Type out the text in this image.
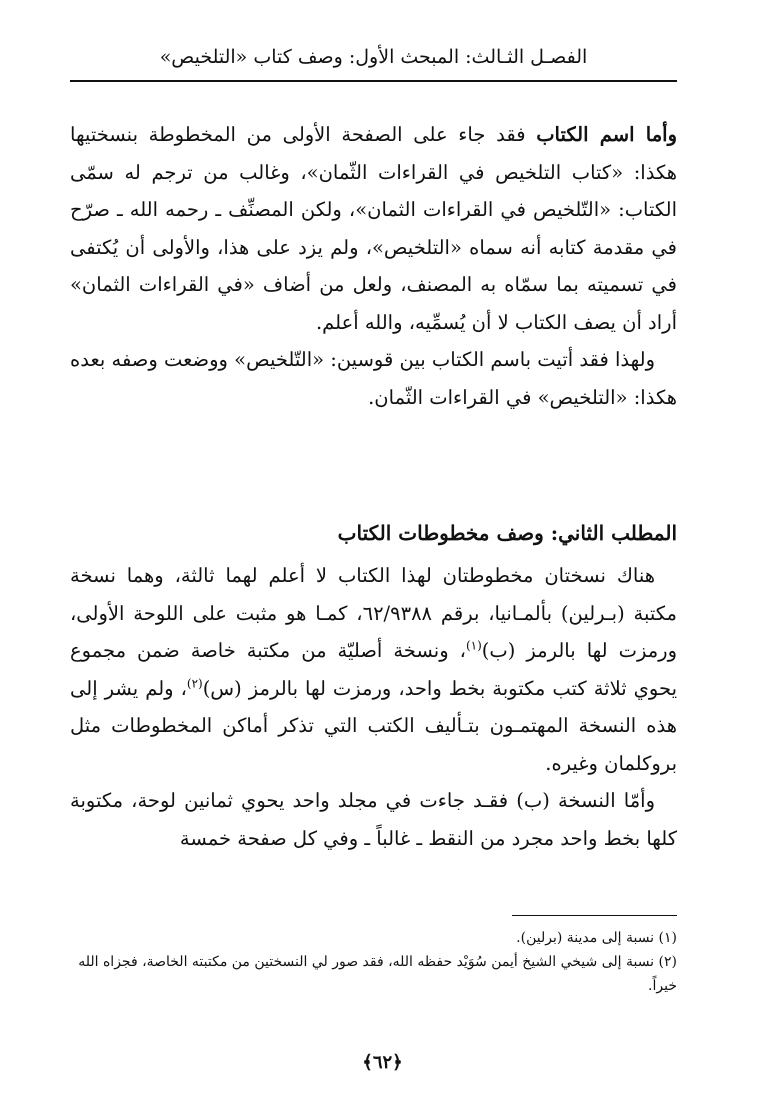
الفصـل الثـالث: المبحث الأول: وصف كتاب «التلخيص»

وأما اسم الكتاب فقد جاء على الصفحة الأولى من المخطوطة بنسختيها هكذا: «كتاب التلخيص في القراءات الثّمان»، وغالب من ترجم له سمّى الكتاب: «التّلخيص في القراءات الثمان»، ولكن المصنِّف ـ رحمه الله ـ صرّح في مقدمة كتابه أنه سماه «التلخيص»، ولم يزد على هذا، والأولى أن يُكتفى في تسميته بما سمّاه به المصنف، ولعل من أضاف «في القراءات الثمان» أراد أن يصف الكتاب لا أن يُسمِّيه، والله أعلم.

ولهذا فقد أتيت باسم الكتاب بين قوسين: «التّلخيص» ووضعت وصفه بعده هكذا: «التلخيص» في القراءات الثّمان.

المطلب الثاني: وصف مخطوطات الكتاب

هناك نسختان مخطوطتان لهذا الكتاب لا أعلم لهما ثالثة، وهما نسخة مكتبة (بـرلين) بألمـانيا، برقم ٦٢/٩٣٨٨، كمـا هو مثبت على اللوحة الأولى، ورمزت لها بالرمز (ب)$^{(١)}$، ونسخة أصليّة من مكتبة خاصة ضمن مجموع يحوي ثلاثة كتب مكتوبة بخط واحد، ورمزت لها بالرمز (س)$^{(٢)}$، ولم يشر إلى هذه النسخة المهتمـون بتـأليف الكتب التي تذكر أماكن المخطوطات مثل بروكلمان وغيره.

وأمّا النسخة (ب) فقـد جاءت في مجلد واحد يحوي ثمانين لوحة، مكتوبة كلها بخط واحد مجرد من النقط ـ غالباً ـ وفي كل صفحة خمسة

(١) نسبة إلى مدينة (برلين).
(٢) نسبة إلى شيخي الشيخ أيمن سُوَيْد حفظه الله، فقد صور لي النسختين من مكتبته الخاصة، فجزاه الله خيراً.
﴿٦٢﴾
